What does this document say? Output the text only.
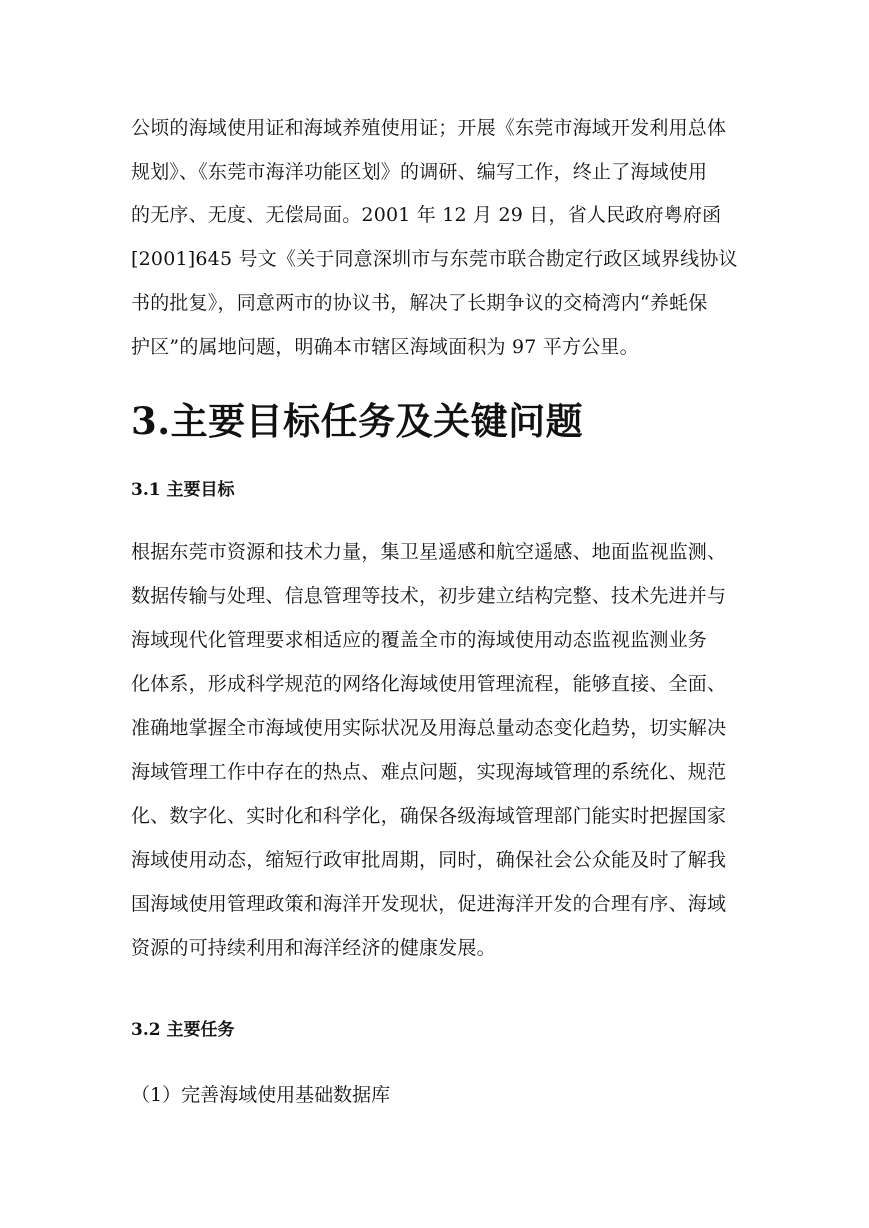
公顷的海域使用证和海域养殖使用证；开展《东莞市海域开发利用总体
规划》、《东莞市海洋功能区划》的调研、编写工作，终止了海域使用
的无序、无度、无偿局面。2001 年 12 月 29 日，省人民政府粤府函
[2001]645 号文《关于同意深圳市与东莞市联合勘定行政区域界线协议
书的批复》，同意两市的协议书，解决了长期争议的交椅湾内“养蚝保
护区”的属地问题，明确本市辖区海域面积为 97 平方公里。
3.主要目标任务及关键问题
3.1 主要目标
根据东莞市资源和技术力量，集卫星遥感和航空遥感、地面监视监测、
数据传输与处理、信息管理等技术，初步建立结构完整、技术先进并与
海域现代化管理要求相适应的覆盖全市的海域使用动态监视监测业务
化体系，形成科学规范的网络化海域使用管理流程，能够直接、全面、
准确地掌握全市海域使用实际状况及用海总量动态变化趋势，切实解决
海域管理工作中存在的热点、难点问题，实现海域管理的系统化、规范
化、数字化、实时化和科学化，确保各级海域管理部门能实时把握国家
海域使用动态，缩短行政审批周期，同时，确保社会公众能及时了解我
国海域使用管理政策和海洋开发现状，促进海洋开发的合理有序、海域
资源的可持续利用和海洋经济的健康发展。
3.2 主要任务
（1）完善海域使用基础数据库
